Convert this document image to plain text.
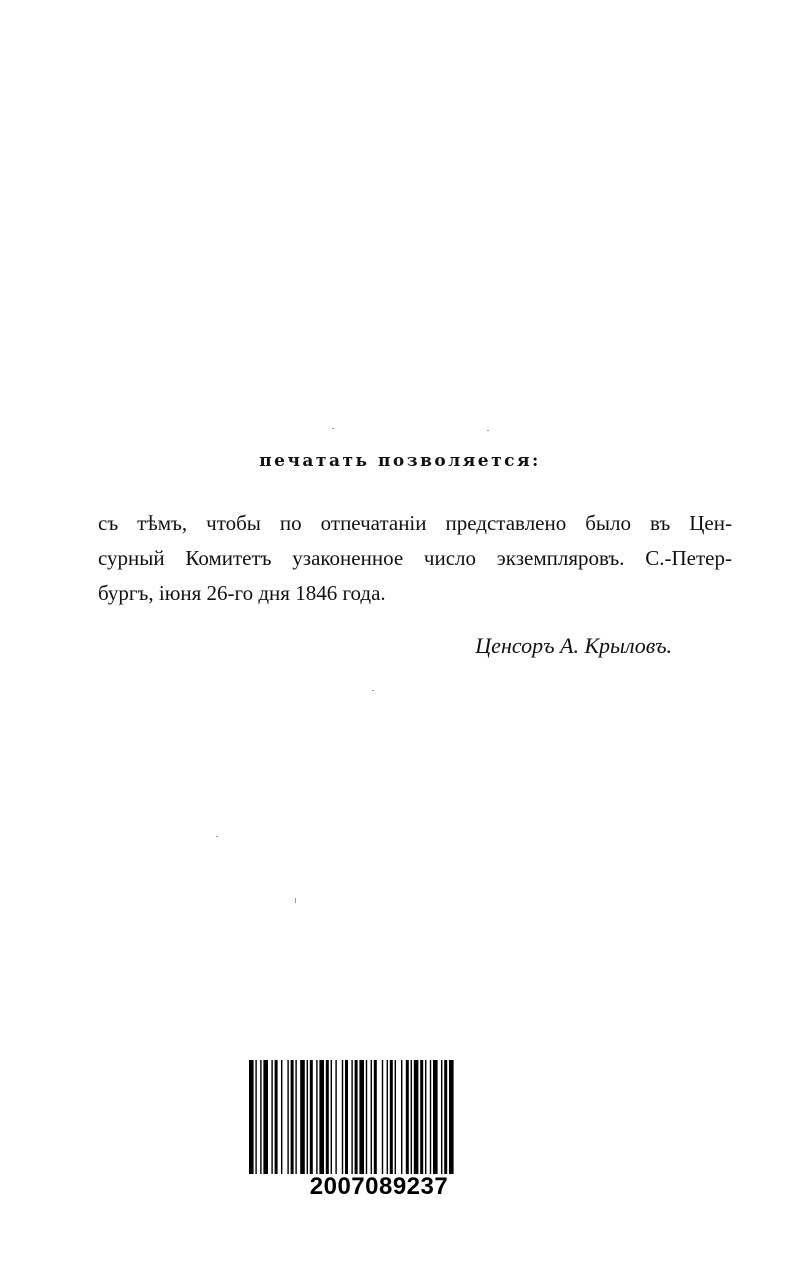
печатать позволяется:
съ тѣмъ, чтобы по отпечатаніи представлено было въ Цен-
сурный Комитетъ узаконенное число экземпляровъ. С.-Петер-
бургъ, іюня 26-го дня 1846 года.
Ценсоръ А. Крыловъ.
2007089237
